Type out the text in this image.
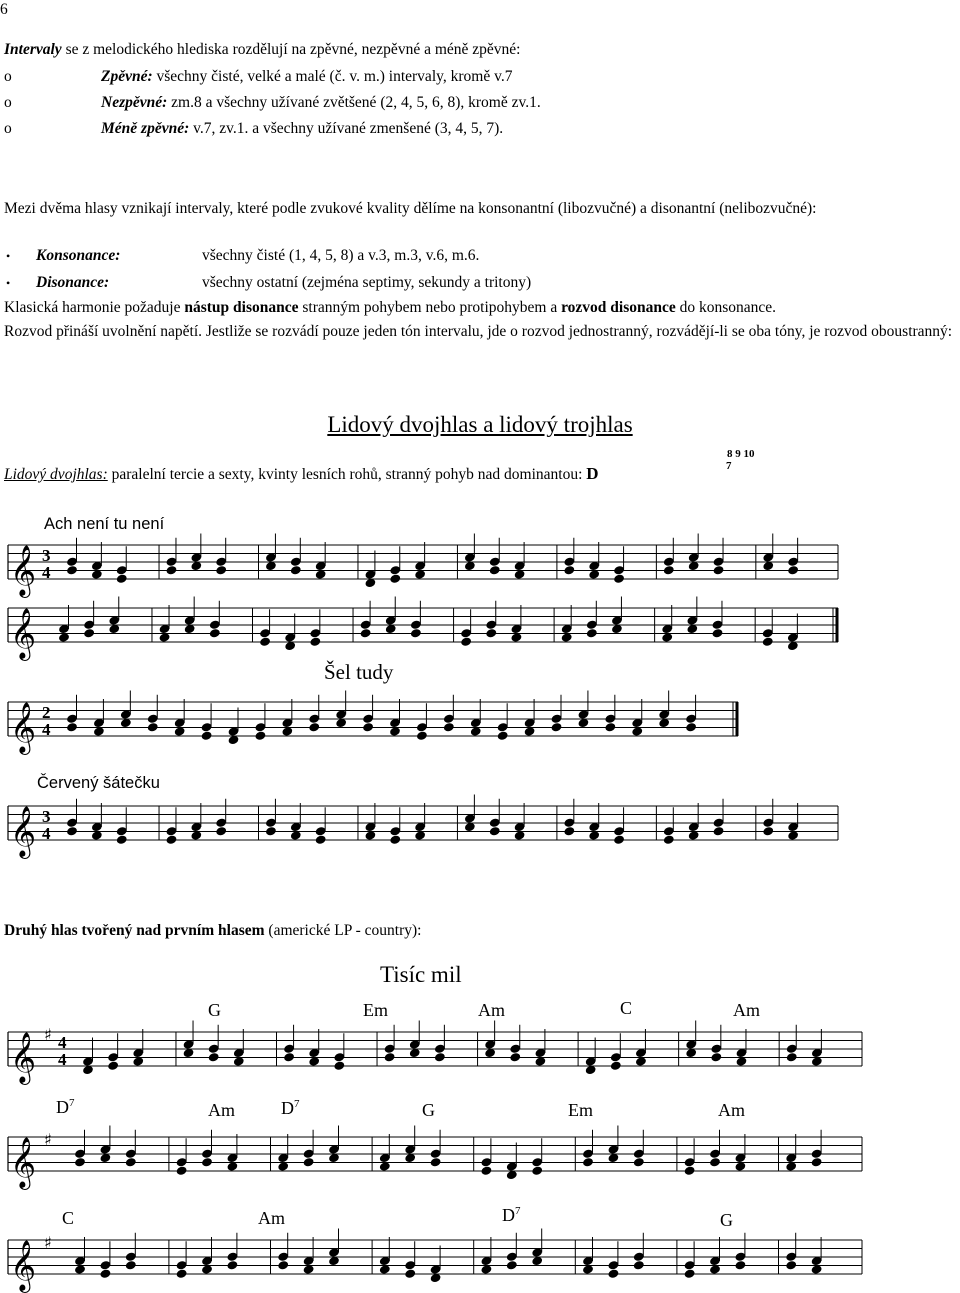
6
Intervaly se z melodického hlediska rozdělují na zpěvné, nezpěvné a méně zpěvné:
o	Zpěvné: všechny čisté, velké a malé (č. v. m.) intervaly, kromě v.7
o	Nezpěvné: zm.8 a všechny užívané zvětšené (2, 4, 5, 6, 8), kromě zv.1.
o	Méně zpěvné: v.7, zv.1. a všechny užívané zmenšené (3, 4, 5, 7).
Mezi dvěma hlasy vznikají intervaly, které podle zvukové kvality dělíme na konsonantní (libozvučné) a disonantní (nelibozvučné):
• Konsonance:	všechny čisté (1, 4, 5, 8) a v.3, m.3, v.6, m.6.
• Disonance:	všechny ostatní (zejména septimy, sekundy a tritony)
Klasická harmonie požaduje nástup disonance stranným pohybem nebo protipohybem a rozvod disonance do konsonance.
Rozvod přináší uvolnění napětí. Jestliže se rozvádí pouze jeden tón intervalu, jde o rozvod jednostranný, rozvádějí-li se oba tóny, je rozvod oboustranný:
Lidový dvojhlas a lidový trojhlas
Lidový dvojhlas: paralelní tercie a sexty, kvinty lesních rohů, stranný pohyb nad dominantou: D
8 9 10
7
Ach není tu není
Šel tudy
Červený šátečku
Druhý hlas tvořený nad prvním hlasem (americké LP - country):
Tisíc mil
G	Em	Am	C	Am
$D^7$	Am	$D^7$	G	Em	Am
C	Am	$D^7$	G
𝄞 3
4
𝄞
𝄞 2
4
𝄞 3
4
𝄞 ♯ 4
4
𝄞 ♯
𝄞 ♯
